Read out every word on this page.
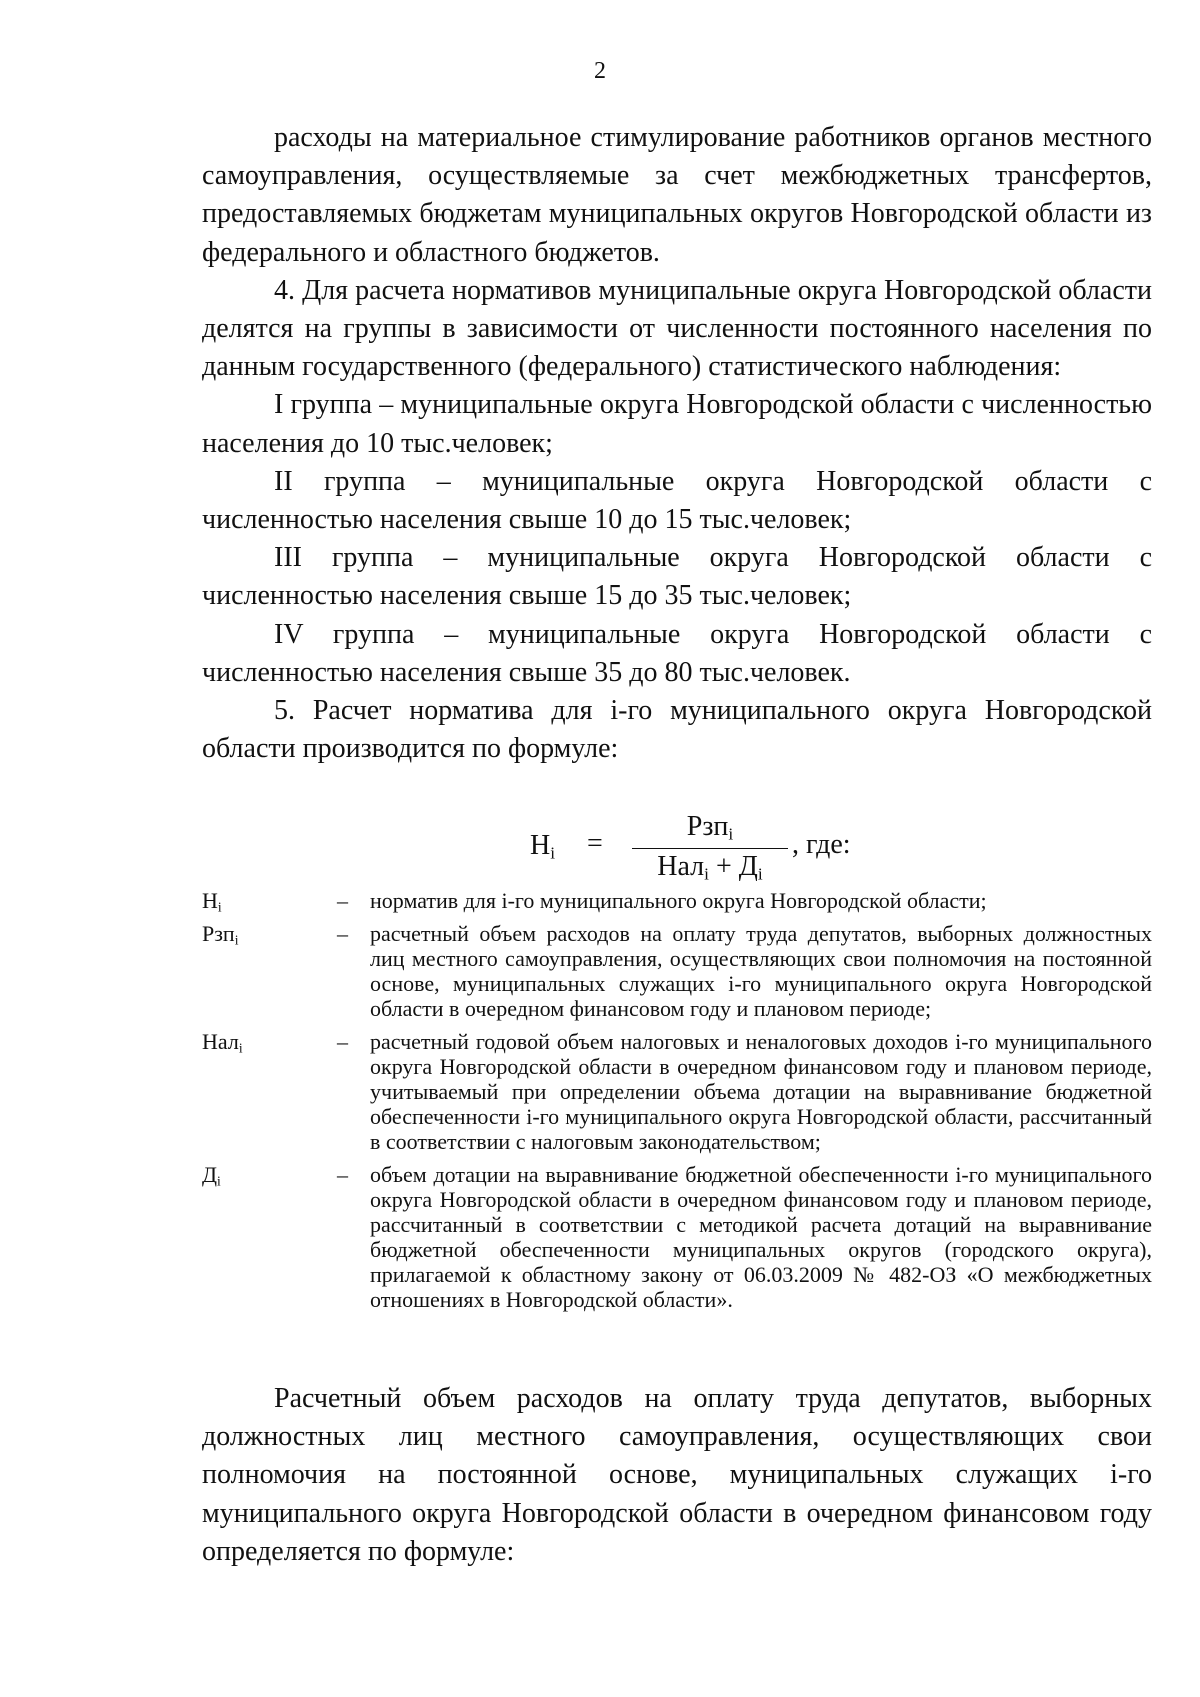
2

расходы на материальное стимулирование работников органов местного самоуправления, осуществляемые за счет межбюджетных трансфертов, предоставляемых бюджетам муниципальных округов Новгородской области из федерального и областного бюджетов.

4. Для расчета нормативов муниципальные округа Новгородской области делятся на группы в зависимости от численности постоянного населения по данным государственного (федерального) статистического наблюдения:

I группа – муниципальные округа Новгородской области с численностью населения до 10 тыс.человек;

II группа – муниципальные округа Новгородской области с численностью населения свыше 10 до 15 тыс.человек;

III группа – муниципальные округа Новгородской области с численностью населения свыше 15 до 35 тыс.человек;

IV группа – муниципальные округа Новгородской области с численностью населения свыше 35 до 80 тыс.человек.

5. Расчет норматива для i-го муниципального округа Новгородской области производится по формуле:

$Н_i$ =
Рзп$_i$
$Нал_i + Д_i$
, где:
$Н_i$	– норматив для i-го муниципального округа Новгородской области;
Рзп$_i$	– расчетный объем расходов на оплату труда депутатов, выборных должностных лиц местного самоуправления, осуществляющих свои полномочия на постоянной основе, муниципальных служащих i-го муниципального округа Новгородской области в очередном финансовом году и плановом периоде;
Нал$_i$	– расчетный годовой объем налоговых и неналоговых доходов i-го муниципального округа Новгородской области в очередном финансовом году и плановом периоде, учитываемый при определении объема дотации на выравнивание бюджетной обеспеченности i-го муниципального округа Новгородской области, рассчитанный в соответствии с налоговым законодательством;
$Д_i$	– объем дотации на выравнивание бюджетной обеспеченности i-го муниципального округа Новгородской области в очередном финансовом году и плановом периоде, рассчитанный в соответствии с методикой расчета дотаций на выравнивание бюджетной обеспеченности муниципальных округов (городского округа), прилагаемой к областному закону от 06.03.2009 № 482-ОЗ «О межбюджетных отношениях в Новгородской области».

Расчетный объем расходов на оплату труда депутатов, выборных должностных лиц местного самоуправления, осуществляющих свои полномочия на постоянной основе, муниципальных служащих i-го муниципального округа Новгородской области в очередном финансовом году определяется по формуле:
